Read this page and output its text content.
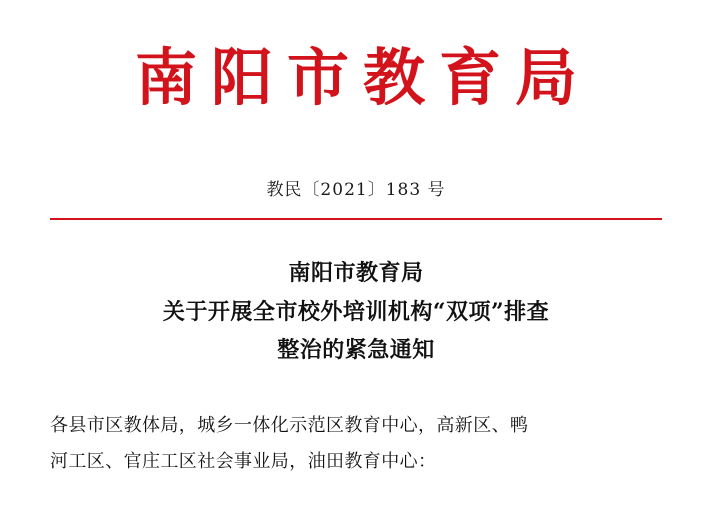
南阳市教育局
教民〔2021〕183 号
南阳市教育局
关于开展全市校外培训机构“双项”排查
整治的紧急通知
各县市区教体局，城乡一体化示范区教育中心，高新区、鸭
河工区、官庄工区社会事业局，油田教育中心：
